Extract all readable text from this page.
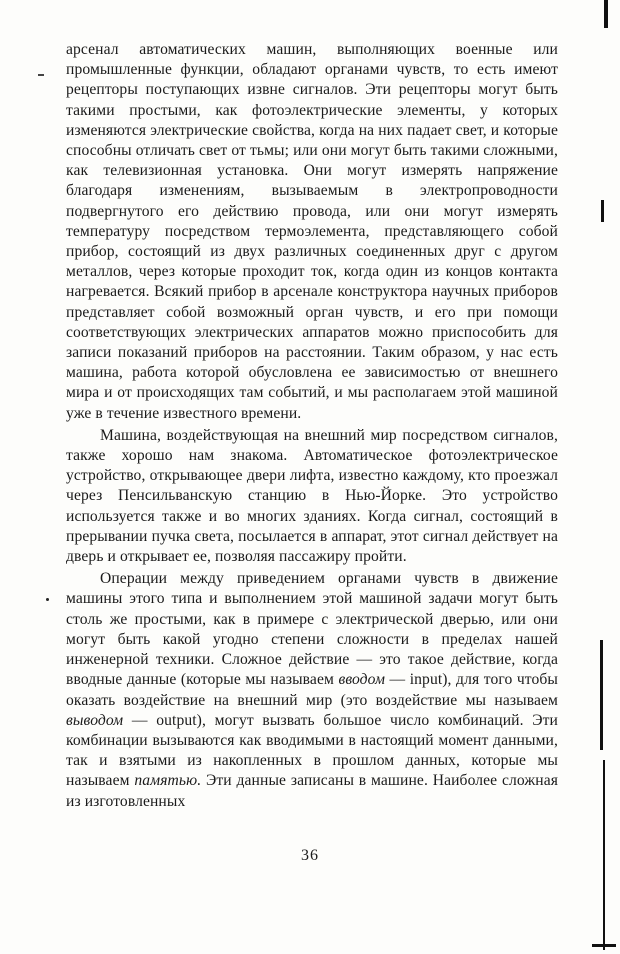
арсенал автоматических машин, выполняющих военные или промышленные функции, обладают органами чувств, то есть имеют рецепторы поступающих извне сигналов. Эти рецепторы могут быть такими простыми, как фотоэлектрические элементы, у которых изменяются электрические свойства, когда на них падает свет, и которые способны отличать свет от тьмы; или они могут быть такими сложными, как телевизионная установка. Они могут измерять напряжение благодаря изменениям, вызываемым в электропроводности подвергнутого его действию провода, или они могут измерять температуру посредством термоэлемента, представляющего собой прибор, состоящий из двух различных соединенных друг с другом металлов, через которые проходит ток, когда один из концов контакта нагревается. Всякий прибор в арсенале конструктора научных приборов представляет собой возможный орган чувств, и его при помощи соответствующих электрических аппаратов можно приспособить для записи показаний приборов на расстоянии. Таким образом, у нас есть машина, работа которой обусловлена ее зависимостью от внешнего мира и от происходящих там событий, и мы располагаем этой машиной уже в течение известного времени.

Машина, воздействующая на внешний мир посредством сигналов, также хорошо нам знакома. Автоматическое фотоэлектрическое устройство, открывающее двери лифта, известно каждому, кто проезжал через Пенсильванскую станцию в Нью-Йорке. Это устройство используется также и во многих зданиях. Когда сигнал, состоящий в прерывании пучка света, посылается в аппарат, этот сигнал действует на дверь и открывает ее, позволяя пассажиру пройти.

Операции между приведением органами чувств в движение машины этого типа и выполнением этой машиной задачи могут быть столь же простыми, как в примере с электрической дверью, или они могут быть какой угодно степени сложности в пределах нашей инженерной техники. Сложное действие — это такое действие, когда вводные данные (которые мы называем вводом — input), для того чтобы оказать воздействие на внешний мир (это воздействие мы называем выводом — output), могут вызвать большое число комбинаций. Эти комбинации вызываются как вводимыми в настоящий момент данными, так и взятыми из накопленных в прошлом данных, которые мы называем памятью. Эти данные записаны в машине. Наиболее сложная из изготовленных

36
